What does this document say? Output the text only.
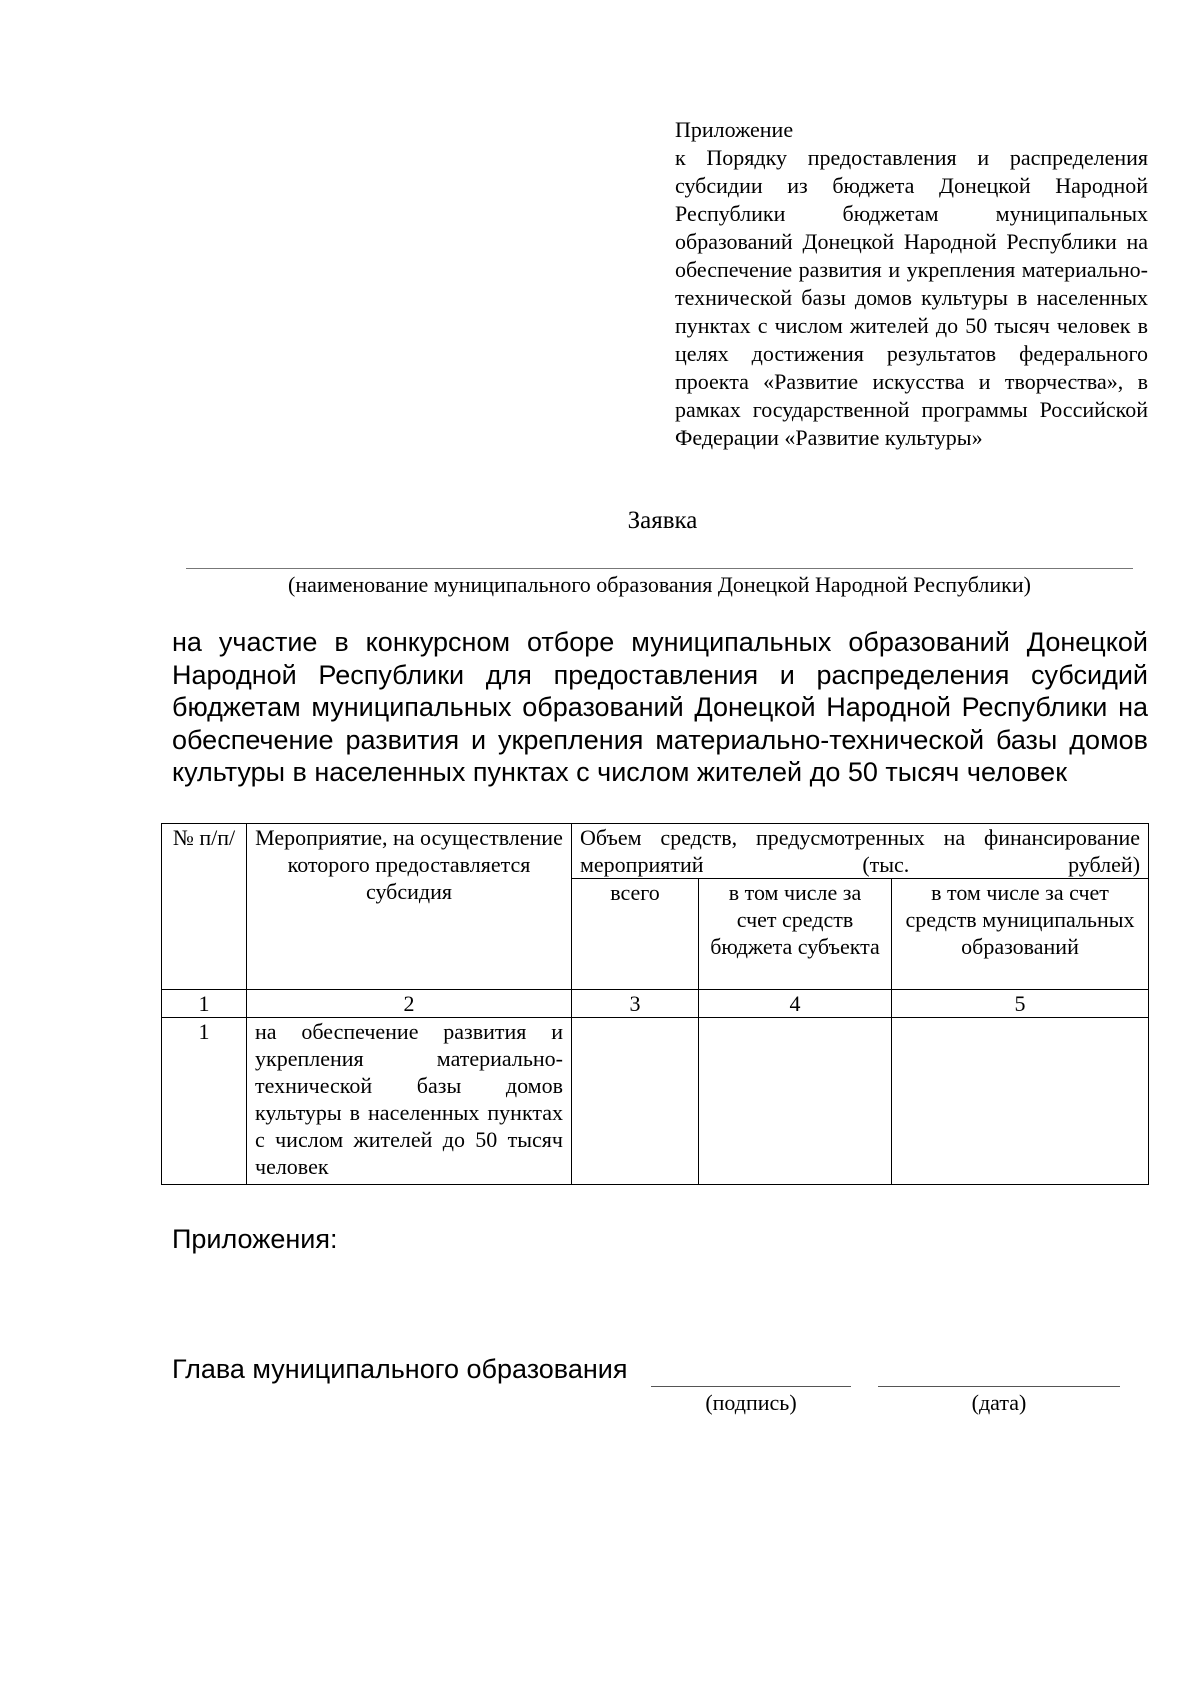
Приложение
к Порядку предоставления и распределения субсидии из бюджета Донецкой Народной Республики бюджетам муниципальных образований Донецкой Народной Республики на обеспечение развития и укрепления материально-технической базы домов культуры в населенных пунктах с числом жителей до 50 тысяч человек в целях достижения результатов федерального проекта «Развитие искусства и творчества», в рамках государственной программы Российской Федерации «Развитие культуры»
Заявка
(наименование муниципального образования Донецкой Народной Республики)
на участие в конкурсном отборе муниципальных образований Донецкой Народной Республики для предоставления и распределения субсидий бюджетам муниципальных образований Донецкой Народной Республики на обеспечение развития и укрепления материально-технической базы домов культуры в населенных пунктах с числом жителей до 50 тысяч человек
№ п/п/	Мероприятие, на осуществление которого предоставляется субсидия	Объем средств, предусмотренных на финансирование мероприятий (тыс. рублей)		
		всего	в том числе за счет средств бюджета субъекта	в том числе за счет средств муниципальных образований
1	2	3	4	5
1	на обеспечение развития и укрепления материально-технической базы домов культуры в населенных пунктах с числом жителей до 50 тысяч человек			
Приложения:
Глава муниципального образования
(подпись)	(дата)
